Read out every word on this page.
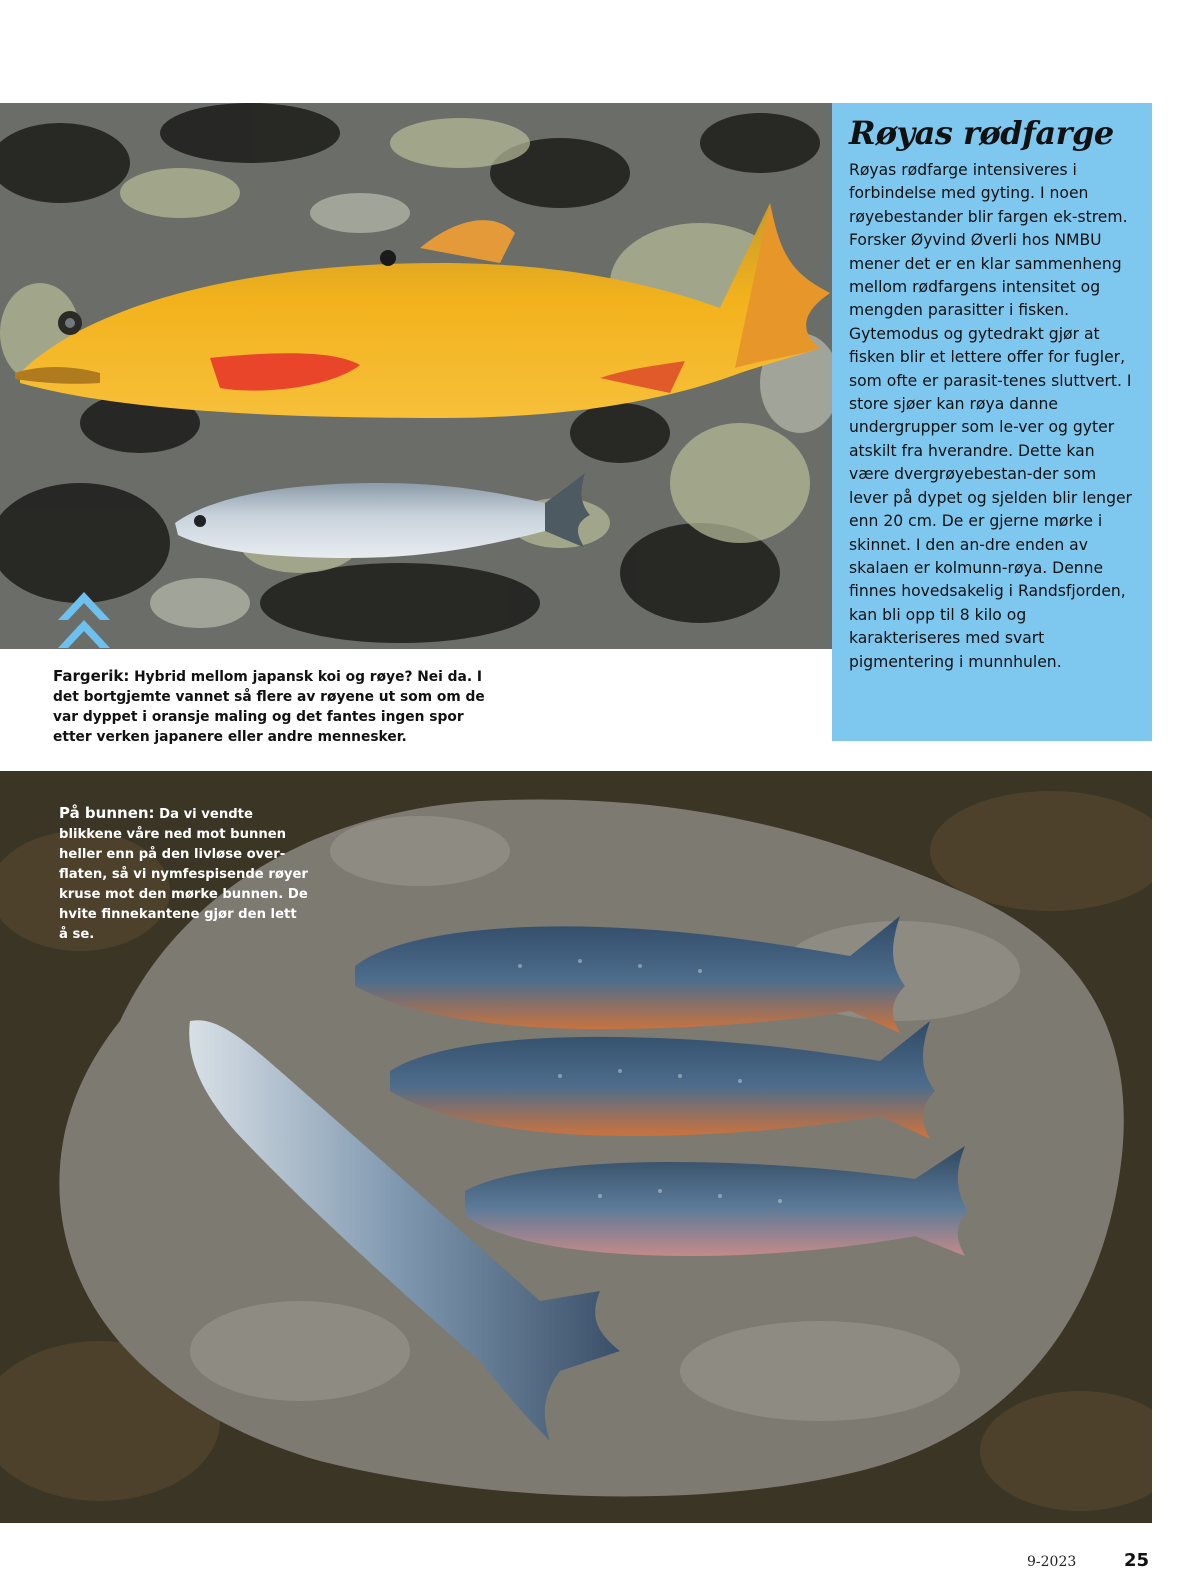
Røyas rødfarge

Røyas rødfarge intensiveres i forbindelse med gyting. I noen røyebestander blir fargen ek-strem. Forsker Øyvind Øverli hos NMBU mener det er en klar sammenheng mellom rødfargens intensitet og mengden parasitter i fisken. Gytemodus og gytedrakt gjør at fisken blir et lettere offer for fugler, som ofte er parasit-tenes sluttvert. I store sjøer kan røya danne undergrupper som le-ver og gyter atskilt fra hverandre. Dette kan være dvergrøyebestan-der som lever på dypet og sjelden blir lenger enn 20 cm. De er gjerne mørke i skinnet. I den an-dre enden av skalaen er kolmunn-røya. Denne finnes hovedsakelig i Randsfjorden, kan bli opp til 8 kilo og karakteriseres med svart pigmentering i munnhulen.

Fargerik: Hybrid mellom japansk koi og røye? Nei da. I det bortgjemte vannet så flere av røyene ut som om de var dyppet i oransje maling og det fantes ingen spor etter verken japanere eller andre mennesker.

På bunnen: Da vi vendte blikkene våre ned mot bunnen heller enn på den livløse over-flaten, så vi nymfespisende røyer kruse mot den mørke bunnen. De hvite finnekantene gjør den lett å se.

9-2023	25
